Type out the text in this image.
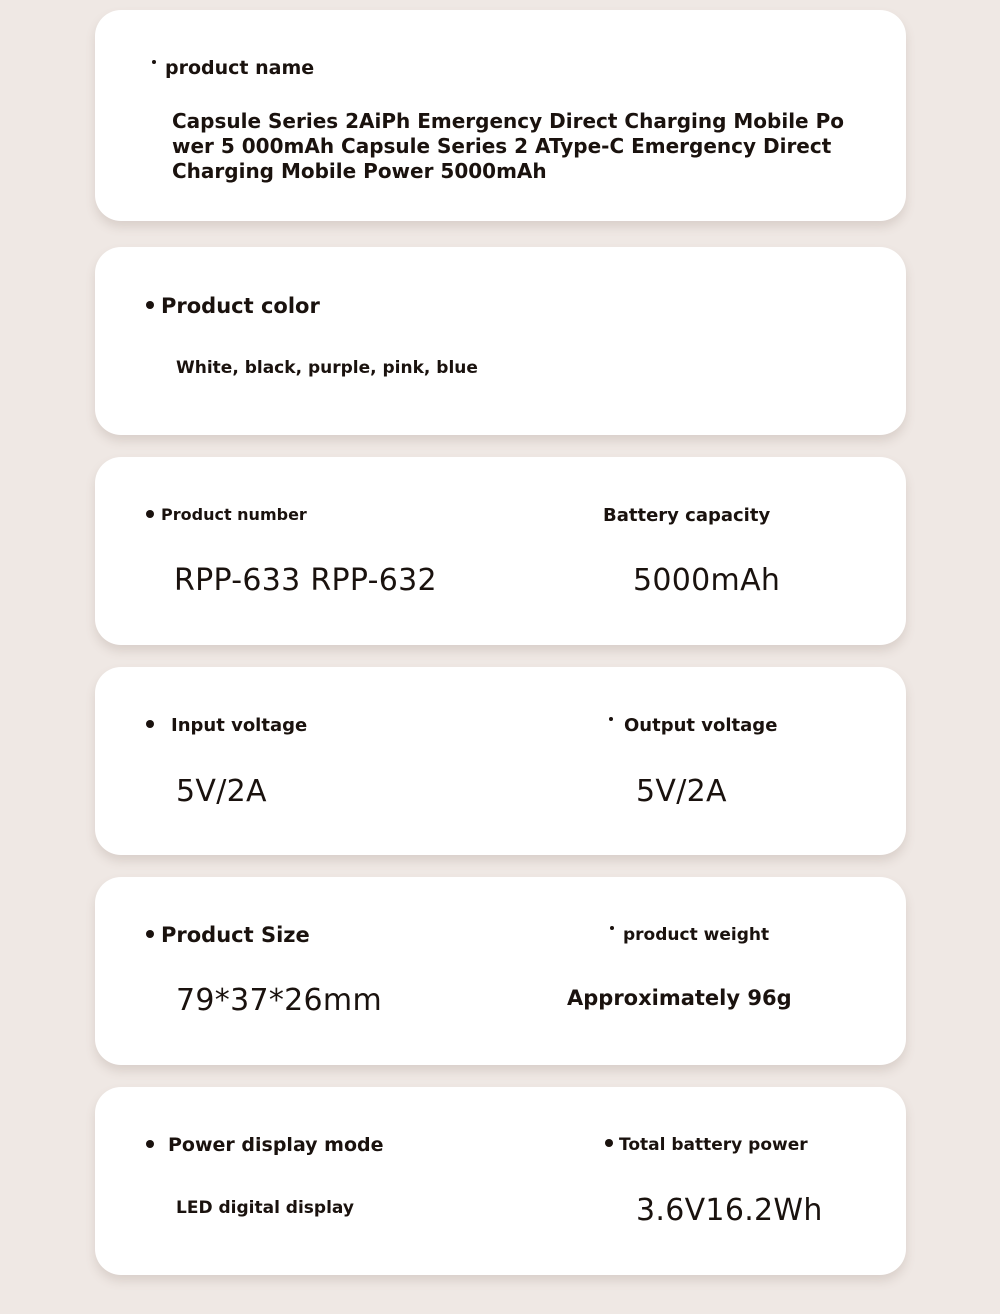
product name
Capsule Series 2AiPh Emergency Direct Charging Mobile Power 5 000mAh Capsule Series 2 AType-C Emergency Direct Charging Mobile Power 5000mAh
Product color
White, black, purple, pink, blue
Product number
RPP-633 RPP-632
Battery capacity
5000mAh
Input voltage
5V/2A
Output voltage
5V/2A
Product Size
79*37*26mm
product weight
Approximately 96g
Power display mode
LED digital display
Total battery power
3.6V16.2Wh
